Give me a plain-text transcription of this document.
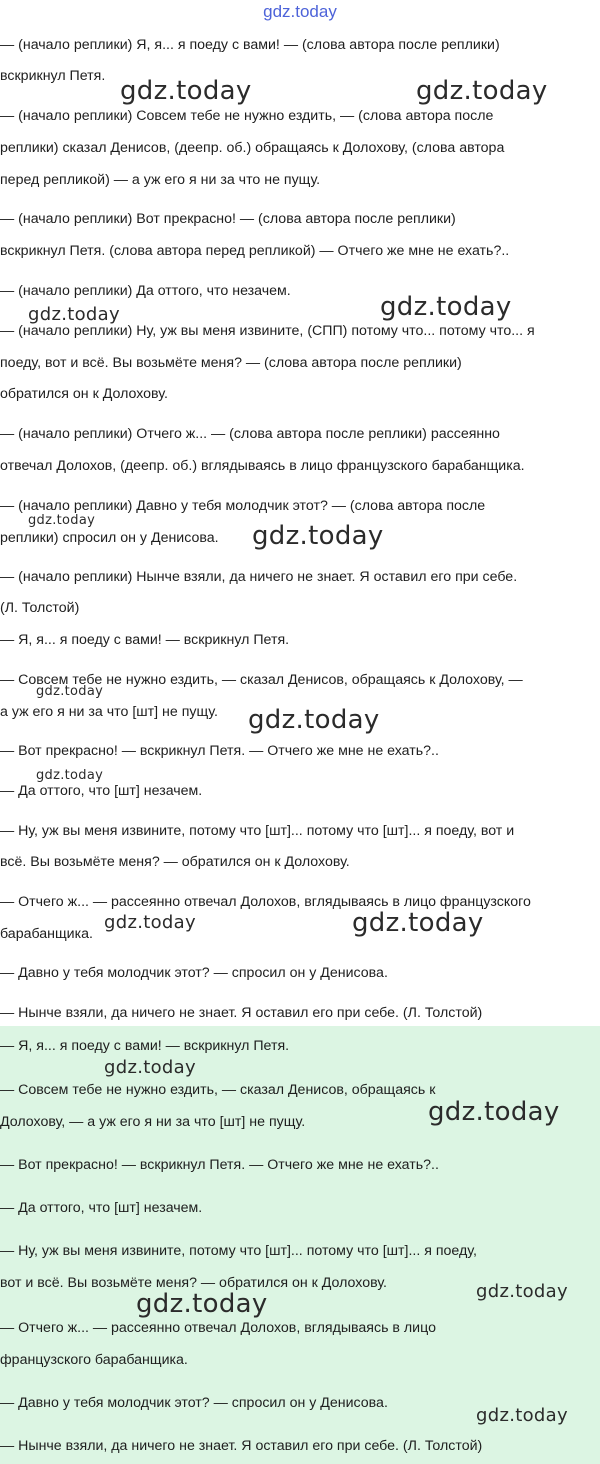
gdz.today
— (начало реплики) Я, я... я поеду с вами! — (слова автора после реплики)
вскрикнул Петя.
— (начало реплики) Совсем тебе не нужно ездить, — (слова автора после
реплики) сказал Денисов, (деепр. об.) обращаясь к Долохову, (слова автора
перед репликой) — а уж его я ни за что не пущу.
— (начало реплики) Вот прекрасно! — (слова автора после реплики)
вскрикнул Петя. (слова автора перед репликой) — Отчего же мне не ехать?..
— (начало реплики) Да оттого, что незачем.
— (начало реплики) Ну, уж вы меня извините, (СПП) потому что... потому что... я
поеду, вот и всё. Вы возьмёте меня? — (слова автора после реплики)
обратился он к Долохову.
— (начало реплики) Отчего ж... — (слова автора после реплики) рассеянно
отвечал Долохов, (деепр. об.) вглядываясь в лицо французского барабанщика.
— (начало реплики) Давно у тебя молодчик этот? — (слова автора после
реплики) спросил он у Денисова.
— (начало реплики) Нынче взяли, да ничего не знает. Я оставил его при себе.
(Л. Толстой)
— Я, я... я поеду с вами! — вскрикнул Петя.
— Совсем тебе не нужно ездить, — сказал Денисов, обращаясь к Долохову, —
а уж его я ни за что [шт] не пущу.
— Вот прекрасно! — вскрикнул Петя. — Отчего же мне не ехать?..
— Да оттого, что [шт] незачем.
— Ну, уж вы меня извините, потому что [шт]... потому что [шт]... я поеду, вот и
всё. Вы возьмёте меня? — обратился он к Долохову.
— Отчего ж... — рассеянно отвечал Долохов, вглядываясь в лицо французского
барабанщика.
— Давно у тебя молодчик этот? — спросил он у Денисова.
— Нынче взяли, да ничего не знает. Я оставил его при себе. (Л. Толстой)
— Я, я... я поеду с вами! — вскрикнул Петя.
— Совсем тебе не нужно ездить, — сказал Денисов, обращаясь к
Долохову, — а уж его я ни за что [шт] не пущу.
— Вот прекрасно! — вскрикнул Петя. — Отчего же мне не ехать?..
— Да оттого, что [шт] незачем.
— Ну, уж вы меня извините, потому что [шт]... потому что [шт]... я поеду,
вот и всё. Вы возьмёте меня? — обратился он к Долохову.
— Отчего ж... — рассеянно отвечал Долохов, вглядываясь в лицо
французского барабанщика.
— Давно у тебя молодчик этот? — спросил он у Денисова.
— Нынче взяли, да ничего не знает. Я оставил его при себе. (Л. Толстой)
gdz.today	gdz.today
gdz.today
gdz.today
gdz.today
gdz.today
gdz.today
gdz.today
gdz.today
gdz.today	gdz.today
gdz.today
gdz.today
gdz.today
gdz.today
gdz.today
